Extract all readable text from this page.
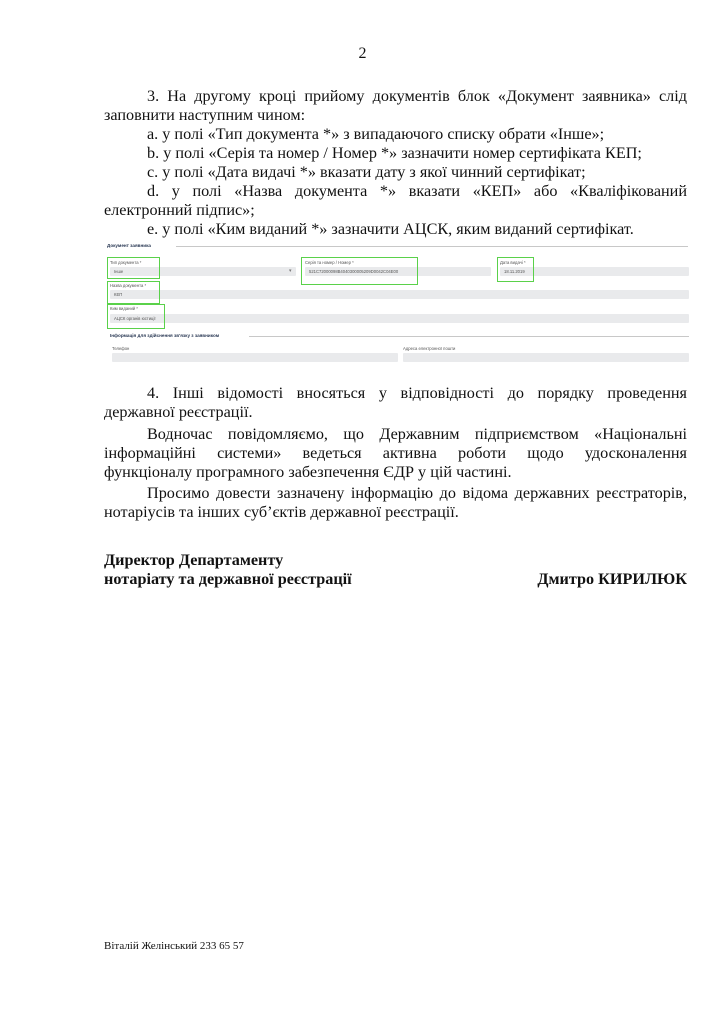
2
3. На другому кроці прийому документів блок «Документ заявника» слід
заповнити наступним чином:
a. у полі «Тип документа *» з випадаючого списку обрати «Інше»;
b. у полі «Серія та номер / Номер *» зазначити номер сертифіката КЕП;
c. у полі «Дата видачі *» вказати дату з якої чинний сертифікат;
d. у полі «Назва документа *» вказати «КЕП» або «Кваліфікований
електронний підпис»;
e. у полі «Ким виданий *» зазначити АЦСК, яким виданий сертифікат.
Документ заявника
Тип документа *
Інше	▾
Серія та номер / Номер *
521C72000098B4040300005209D0042C04E00
Дата видачі *
18.11.2019
Назва документа *
КЕП
Ким виданий *
АЦСК органів юстиції
Інформація для здійснення зв'язку з заявником
Телефон	Адреса електронної пошти
4. Інші відомості вносяться у відповідності до порядку проведення
державної реєстрації.
Водночас повідомляємо, що Державним підприємством «Національні
інформаційні системи» ведеться активна роботи щодо удосконалення
функціоналу програмного забезпечення ЄДР у цій частині.
Просимо довести зазначену інформацію до відома державних реєстраторів,
нотаріусів та інших суб’єктів державної реєстрації.
Директор Департаменту
нотаріату та державної реєстрації	Дмитро КИРИЛЮК
Віталій Желінський 233 65 57
